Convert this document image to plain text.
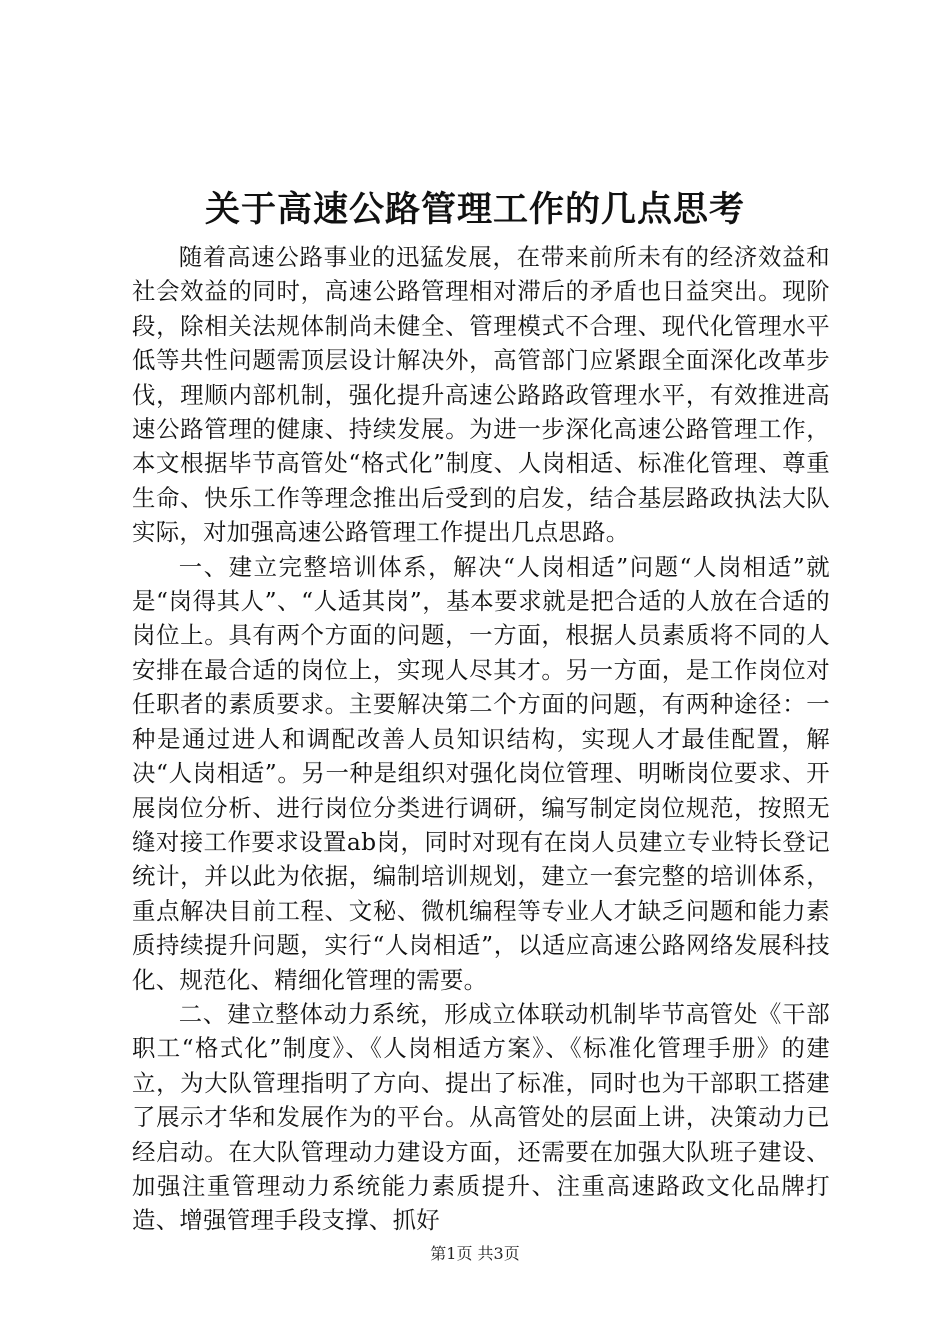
关于高速公路管理工作的几点思考

随着高速公路事业的迅猛发展，在带来前所未有的经济效益和社会效益的同时，高速公路管理相对滞后的矛盾也日益突出。现阶段，除相关法规体制尚未健全、管理模式不合理、现代化管理水平低等共性问题需顶层设计解决外，高管部门应紧跟全面深化改革步伐，理顺内部机制，强化提升高速公路路政管理水平，有效推进高速公路管理的健康、持续发展。为进一步深化高速公路管理工作，本文根据毕节高管处“格式化”制度、人岗相适、标准化管理、尊重生命、快乐工作等理念推出后受到的启发，结合基层路政执法大队实际，对加强高速公路管理工作提出几点思路。

一、建立完整培训体系，解决“人岗相适”问题“人岗相适”就是“岗得其人”、“人适其岗”，基本要求就是把合适的人放在合适的岗位上。具有两个方面的问题，一方面，根据人员素质将不同的人安排在最合适的岗位上，实现人尽其才。另一方面，是工作岗位对任职者的素质要求。主要解决第二个方面的问题，有两种途径：一种是通过进人和调配改善人员知识结构，实现人才最佳配置，解决“人岗相适”。另一种是组织对强化岗位管理、明晰岗位要求、开展岗位分析、进行岗位分类进行调研，编写制定岗位规范，按照无缝对接工作要求设置ab岗，同时对现有在岗人员建立专业特长登记统计，并以此为依据，编制培训规划，建立一套完整的培训体系，重点解决目前工程、文秘、微机编程等专业人才缺乏问题和能力素质持续提升问题，实行“人岗相适”，以适应高速公路网络发展科技化、规范化、精细化管理的需要。

二、建立整体动力系统，形成立体联动机制毕节高管处《干部职工“格式化”制度》、《人岗相适方案》、《标准化管理手册》的建立，为大队管理指明了方向、提出了标准，同时也为干部职工搭建了展示才华和发展作为的平台。从高管处的层面上讲，决策动力已经启动。在大队管理动力建设方面，还需要在加强大队班子建设、加强注重管理动力系统能力素质提升、注重高速路政文化品牌打造、增强管理手段支撑、抓好

第1页 共3页
